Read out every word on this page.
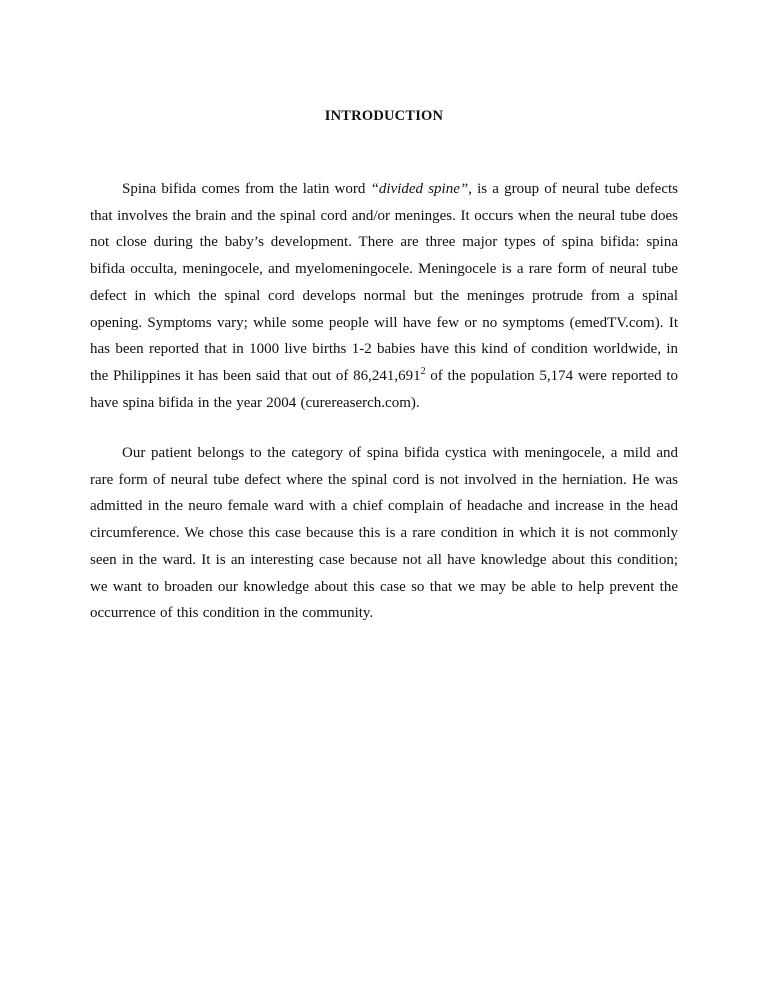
INTRODUCTION

Spina bifida comes from the latin word “divided spine”, is a group of neural tube defects that involves the brain and the spinal cord and/or meninges. It occurs when the neural tube does not close during the baby’s development. There are three major types of spina bifida: spina bifida occulta, meningocele, and myelomeningocele. Meningocele is a rare form of neural tube defect in which the spinal cord develops normal but the meninges protrude from a spinal opening. Symptoms vary; while some people will have few or no symptoms (emedTV.com). It has been reported that in 1000 live births 1-2 babies have this kind of condition worldwide, in the Philippines it has been said that out of 86,241,691$^2$ of the population 5,174 were reported to have spina bifida in the year 2004 (curereaserch.com).

Our patient belongs to the category of spina bifida cystica with meningocele, a mild and rare form of neural tube defect where the spinal cord is not involved in the herniation. He was admitted in the neuro female ward with a chief complain of headache and increase in the head circumference. We chose this case because this is a rare condition in which it is not commonly seen in the ward. It is an interesting case because not all have knowledge about this condition; we want to broaden our knowledge about this case so that we may be able to help prevent the occurrence of this condition in the community.
